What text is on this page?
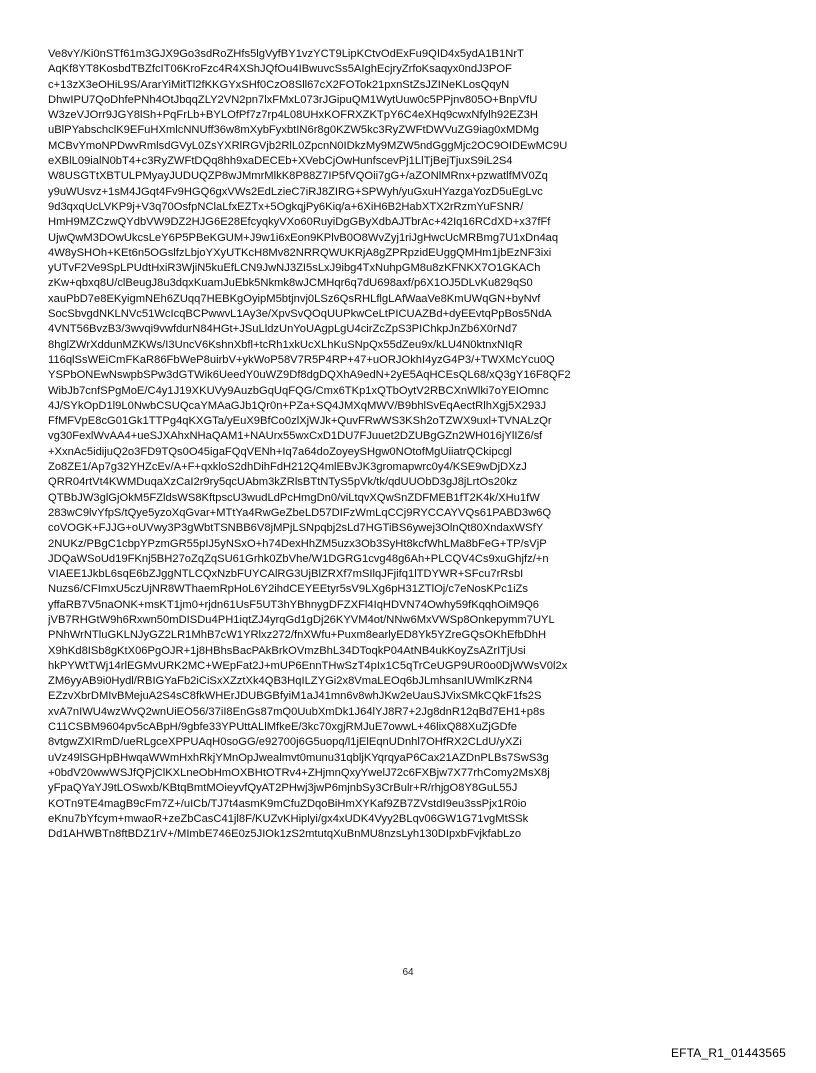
Ve8vY/Ki0nSTf61m3GJX9Go3sdRoZHfs5lgVyfBY1vzYCT9LipKCtvOdExFu9QID4x5ydA1B1NrT
AqKf8YT8KosbdTBZfcIT06KroFzc4R4XShJQfOu4IBwuvcSs5AIghEcjryZrfoKsaqyx0ndJ3POF
c+13zX3eOHiL9S/ArarYiMitTl2fKKGYxSHf0CzO8Sll67cX2FOTok21pxnStZsJZINeKLosQqyN
DhwIPU7QoDhfePNh4OtJbqqZLY2VN2pn7lxFMxL073rJGipuQM1WytUuw0c5PPjnv805O+BnpVfU
W3zeVJOrr9JGY8lSh+PqFrLb+BYLOfPf7z7rp4L08UHxKOFRXZKTpY6C4eXHq9cwxNfylh92EZ3H
uBlPYabschclK9EFuHXmlcNNUff36w8mXybFyxbtIN6r8g0KZW5kc3RyZWFtDWVuZG9iag0xMDMg
MCBvYmoNPDwvRmlsdGVyL0ZsYXRlRGVjb2RlL0ZpcnN0IDkzMy9MZW5ndGggMjc2OC9OIDEwMC9U
eXBlL09ialN0bT4+c3RyZWFtDQq8hh9xaDECEb+XVebCjOwHunfscevPj1LlTjBejTjuxS9iL2S4
W8USGTtXBTULPMyayJUDUQZP8wJMmrMlkK8P88Z7IP5fVQOii7gG+/aZONlMRnx+pzwatlfMV0Zq
y9uWUsvz+1sM4JGqt4Fv9HGQ6gxVWs2EdLzieC7iRJ8ZIRG+SPWyh/yuGxuHYazgaYozD5uEgLvc
9d3qxqUcLVKP9j+V3q70OsfpNClaLfxEZTx+5OgkqjPy6Kiq/a+6XiH6B2HabXTX2rRzmYuFSNR/
HmH9MZCzwQYdbVW9DZ2HJG6E28EfcyqkyVXo60RuyiDgGByXdbAJTbrAc+42Iq16RCdXD+x37fFf
UjwQwM3DOwUkcsLeY6P5PBeKGUM+J9w1i6xEon9KPlvB0O8WvZyj1riJgHwcUcMRBmg7U1xDn4aq
4W8ySHOh+KEt6n5OGslfzLbjoYXyUTKcH8Mv82NRRQWUKRjA8gZPRpzidEUggQMHm1jbEzNF3ixi
yUTvF2Ve9SpLPUdtHxiR3WjiN5kuEfLCN9JwNJ3ZI5sLxJ9ibg4TxNuhpGM8u8zKFNKX7O1GKACh
zKw+qbxq8U/clBeugJ8u3dqxKuamJuEbk5Nkmk8wJCMHqr6q7dU698axf/p6X1OJ5DLvKu829qS0
xauPbD7e8EKyigmNEh6ZUqq7HEBKgOyipM5btjnvj0LSz6QsRHLflgLAfWaaVe8KmUWqGN+byNvf
SocSbvgdNKLNVc51WcIcqBCPwwvL1Ay3e/XpvSvQOqUUPkwCeLtPICUAZBd+dyEEvtqPpBos5NdA
4VNT56BvzB3/3wvqi9vwfdurN84HGt+JSuLldzUnYoUAgpLgU4cirZcZpS3PIChkpJnZb6X0rNd7
8hglZWrXddunMZKWs/I3UncV6KshnXbfl+tcRh1xkUcXLhKuSNpQx55dZeu9x/kLU4N0ktnxNIqR
116qlSsWEiCmFKaR86FbWeP8uirbV+ykWoP58V7R5P4RP+47+uORJOkhI4yzG4P3/+TWXMcYcu0Q
YSPbONEwNswpbSPw3dGTWik6UeedY0uWZ9Df8dgDQXhA9edN+2yE5AqHCEsQL68/xQ3gY16F8QF2
WibJb7cnfSPgMoE/C4y1J19XKUVy9AuzbGqUqFQG/Cmx6TKp1xQTbOytV2RBCXnWlki7oYEIOmnc
4J/SYkOpD1l9L0NwbCSUQcaYMAaGJb1Qr0n+PZa+SQ4JMXqMWV/B9bhlSvEqAectRlhXgj5X293J
FfMFVpE8cG01Gk1TTPg4qKXGTa/yEuX9BfCo0zlXjWJk+QuvFRwWS3KSh2oTZWX9uxl+TVNALzQr
vg30FexlWvAA4+ueSJXAhxNHaQAM1+NAUrx55wxCxD1DU7FJuuet2DZUBgGZn2WH016jYlIZ6/sf
+XxnAc5idijuQ2o3FD9TQs0O45igaFQqVENh+Iq7a64doZoyeySHgw0NOtofMgUiiatrQCkipcgl
Zo8ZE1/Ap7g32YHZcEv/A+F+qxkloS2dhDihFdH212Q4mlEBvJK3gromapwrc0y4/KSE9wDjDXzJ
QRR04rtVt4KWMDuqaXzCaI2r9ry5qcUAbm3kZRlsBTtNTyS5pVk/tk/qdUUObD3gJ8jLrtOs20kz
QTBbJW3glGjOkM5FZldsWS8KftpscU3wudLdPcHmgDn0/viLtqvXQwSnZDFMEB1fT2K4k/XHu1fW
283wC9lvYfpS/tQye5yzoXqGvar+MTtYa4RwGeZbeLD57DIFzWmLqCCj9RYCCAYVQs61PABD3w6Q
coVOGK+FJJG+oUVwy3P3gWbtTSNBB6V8jMPjLSNpqbj2sLd7HGTiBS6ywej3OlnQt80XndaxWSfY
2NUKz/PBgC1cbpYPzmGR55pIJ5yNSxO+h74DexHhZM5uzx3Ob3SyHt8kcfWhLMa8bFeG+TP/sVjP
JDQaWSoUd19FKnj5BH27oZqZqSU61Grhk0ZbVhe/W1DGRG1cvg48g6Ah+PLCQV4Cs9xuGhjfz/+n
VIAEE1JkbL6sqE6bZJggNTLCQxNzbFUYCAlRG3UjBlZRXf7mSIlqJFjifq1lTDYWR+SFcu7rRsbI
Nuzs6/CFImxU5czUjNR8WThaemRpHoL6Y2ihdCEYEEtyr5sV9LXg6pH31ZTlOj/c7eNosKPc1iZs
yffaRB7V5naONK+msKT1jm0+rjdn61UsF5UT3hYBhnygDFZXFl4IqHDVN74Owhy59fKqqhOiM9Q6
jVB7RHGtW9h6Rxwn50mDISDu4PH1iqtZJ4yrqGd1gDj26KYVM4ot/NNw6MxVWSp8Onkepymm7UYL
PNhWrNTluGKLNJyGZ2LR1MhB7cW1YRlxz272/fnXWfu+Puxm8earlyED8Yk5YZreGQsOKhEfbDhH
X9hKd8ISb8gKtX06PgOJR+1j8HBhsBacPAkBrkOVmzBhL34DToqkP04AtNB4ukKoyZsAZrITjUsi
hkPYWtTWj14rlEGMvURK2MC+WEpFat2J+mUP6EnnTHwSzT4pIx1C5qTrCeUGP9UR0o0DjWWsV0l2x
ZM6yyAB9i0Hydl/RBIGYaFb2iCiSxXZztXk4QB3HqILZYGi2x8VmaLEOq6bJLmhsanIUWmlKzRN4
EZzvXbrDMIvBMejuA2S4sC8fkWHErJDUBGBfyiM1aJ41mn6v8whJKw2eUauSJVixSMkCQkF1fs2S
xvA7nIWU4wzWvQ2wnUiEO56/37iI8EnGs87mQ0UubXmDk1J64lYJ8R7+2Jg8dnR12qBd7EH1+p8s
C11CSBM9604pv5cABpH/9gbfe33YPUttALlMfkeE/3kc70xgjRMJuE7owwL+46lixQ88XuZjGDfe
8vtgwZXIRmD/ueRLgceXPPUAqH0soGG/e92700j6G5uopq/l1jElEqnUDnhl7OHfRX2CLdU/yXZi
uVz49lSGHpBHwqaWWmHxhRkjYMnOpJwealmvt0munu31qbljKYqrqyaP6Cax21AZDnPLBs7SwS3g
+0bdV20wwWSJfQPjClKXLneObHmOXBHtOTRv4+ZHjmnQxyYwelJ72c6FXBjw7X77rhComy2MsX8j
yFpaQYaYJ9tLOSwxb/KBtqBmtMOieyvfQyAT2PHwj3jwP6mjnbSy3CrBulr+R/rhjgO8Y8GuL55J
KOTn9TE4magB9cFm7Z+/uICb/TJ7t4asmK9mCfuZDqoBiHmXYKaf9ZB7ZVstdI9eu3ssPjx1R0io
eKnu7bYfcym+mwaoR+zeZbCasC41jl8F/KUZvKHiplyi/gx4xUDK4Vyy2BLqv06GW1G71vgMtSSk
Dd1AHWBTn8ftBDZ1rV+/MImbE746E0z5JIOk1zS2mtutqXuBnMU8nzsLyh130DIpxbFvjkfabLzo
64
EFTA_R1_01443565
